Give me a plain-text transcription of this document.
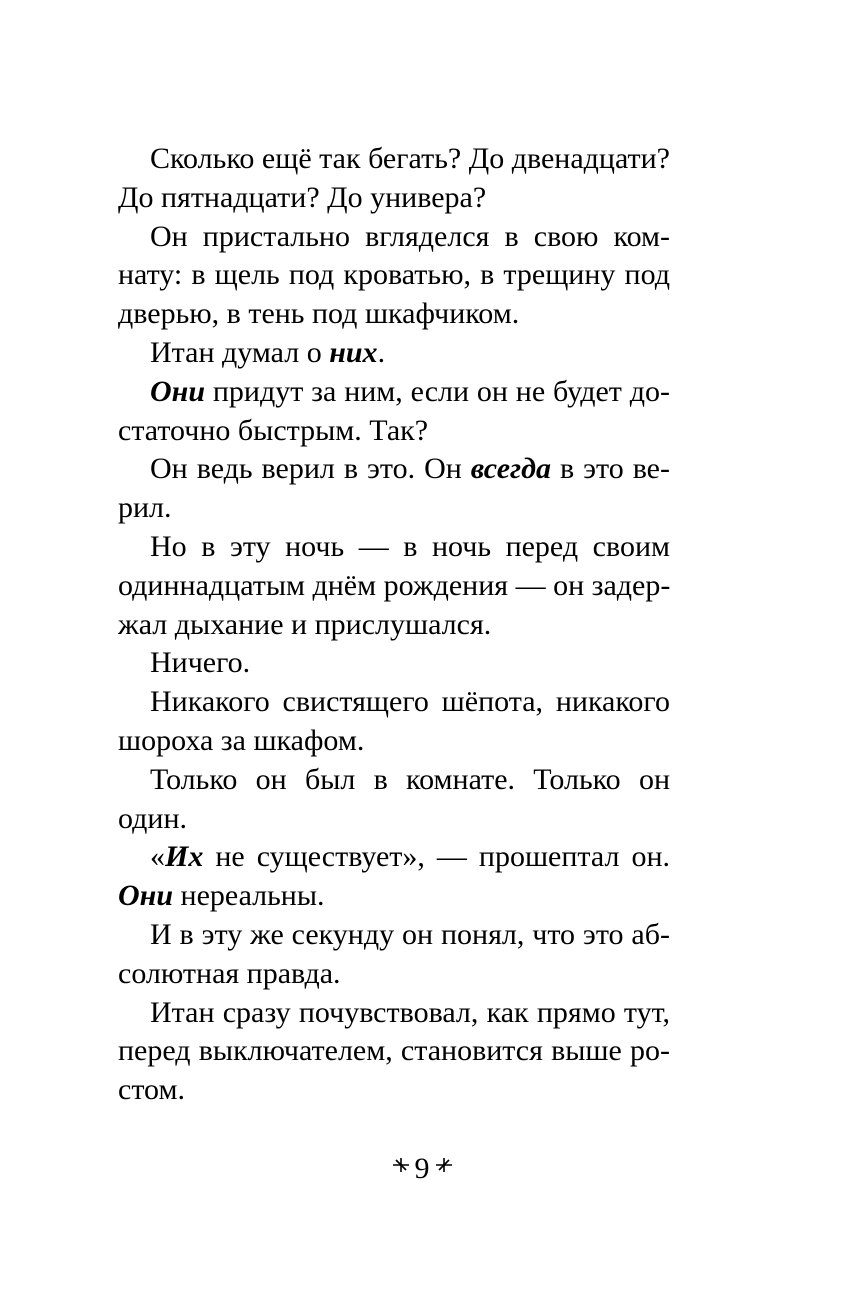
Сколько ещё так бегать? До двенадцати?
До пятнадцати? До универа?
Он пристально вгляделся в свою ком-
нату: в щель под кроватью, в трещину под
дверью, в тень под шкафчиком.
Итан думал о них.
Они придут за ним, если он не будет до-
статочно быстрым. Так?
Он ведь верил в это. Он всегда в это ве-
рил.
Но в эту ночь — в ночь перед своим
одиннадцатым днём рождения — он задер-
жал дыхание и прислушался.
Ничего.
Никакого свистящего шёпота, никакого
шороха за шкафом.
Только он был в комнате. Только он
один.
«Их не существует», — прошептал он.
Они нереальны.
И в эту же секунду он понял, что это аб-
солютная правда.
Итан сразу почувствовал, как прямо тут,
перед выключателем, становится выше ро-
стом.
9
